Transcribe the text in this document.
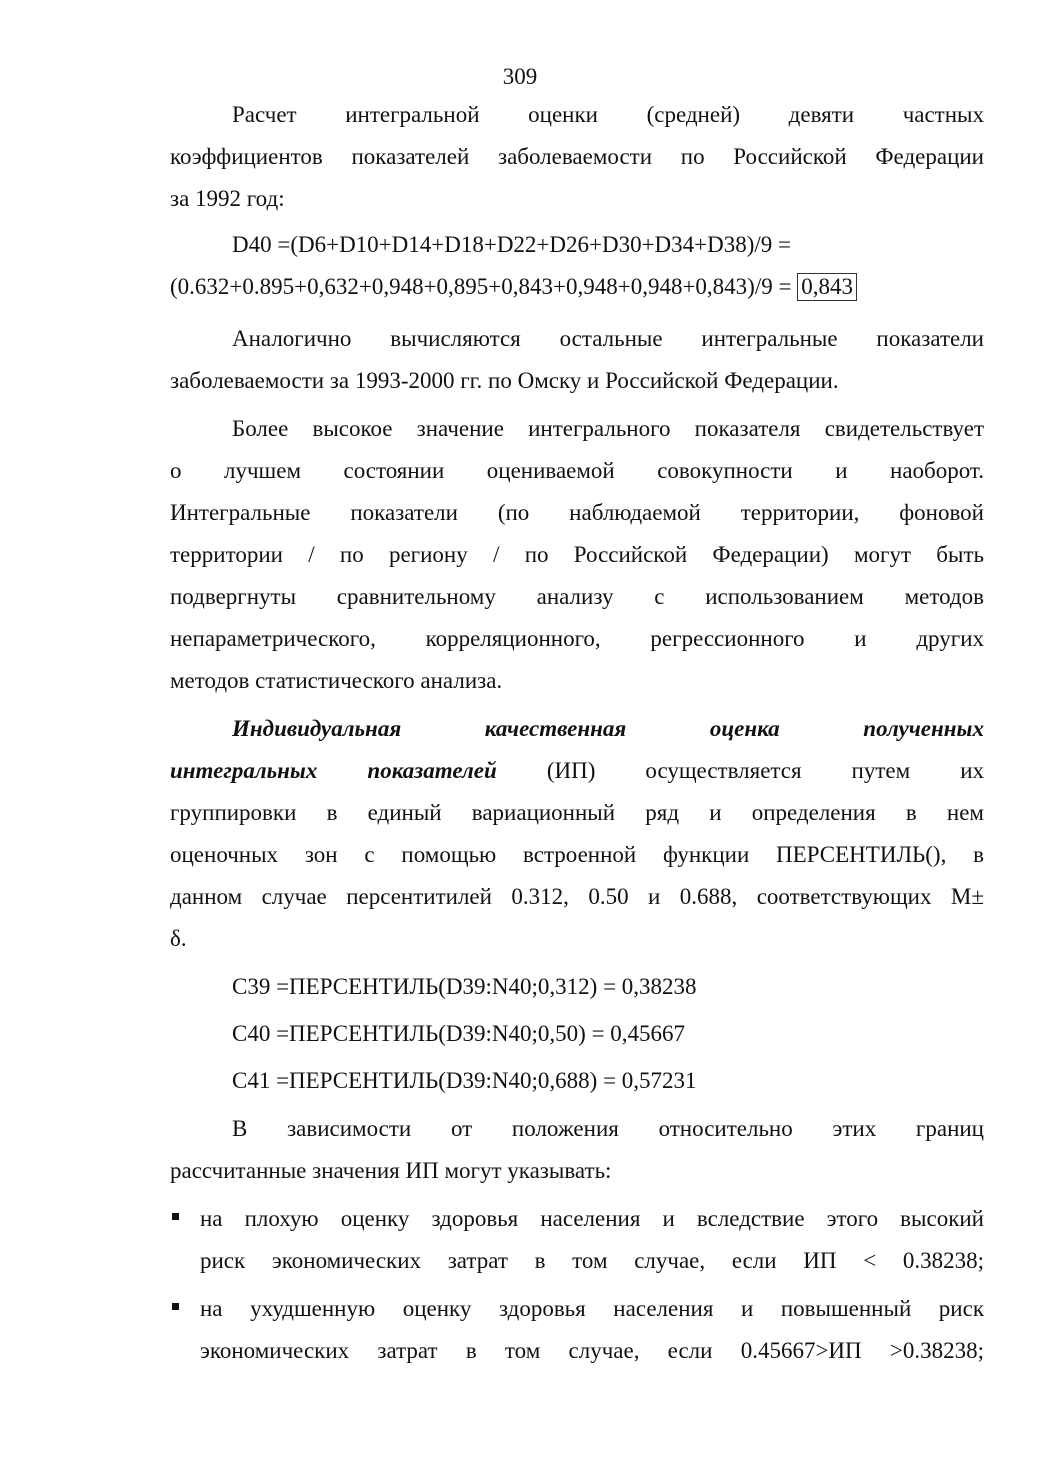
309
Расчет интегральной оценки (средней) девяти частных
коэффициентов показателей заболеваемости по Российской Федерации
за 1992 год:
D40 =(D6+D10+D14+D18+D22+D26+D30+D34+D38)/9 =
(0.632+0.895+0,632+0,948+0,895+0,843+0,948+0,948+0,843)/9 = 0,843
Аналогично вычисляются остальные интегральные показатели
заболеваемости за 1993-2000 гг. по Омску и Российской Федерации.
Более высокое значение интегрального показателя свидетельствует
о лучшем состоянии оцениваемой совокупности и наоборот.
Интегральные показатели (по наблюдаемой территории, фоновой
территории / по региону / по Российской Федерации) могут быть
подвергнуты сравнительному анализу с использованием методов
непараметрического, корреляционного, регрессионного и других
методов статистического анализа.
Индивидуальная качественная оценка полученных
интегральных показателей (ИП) осуществляется путем их
группировки в единый вариационный ряд и определения в нем
оценочных зон с помощью встроенной функции ПЕРСЕНТИЛЬ(), в
данном случае персентитилей 0.312, 0.50 и 0.688, соответствующих M±
δ.
C39 =ПЕРСЕНТИЛЬ(D39:N40;0,312) = 0,38238
C40 =ПЕРСЕНТИЛЬ(D39:N40;0,50) = 0,45667
C41 =ПЕРСЕНТИЛЬ(D39:N40;0,688) = 0,57231
В зависимости от положения относительно этих границ
рассчитанные значения ИП могут указывать:
на плохую оценку здоровья населения и вследствие этого высокий
риск экономических затрат в том случае, если ИП < 0.38238;
на ухудшенную оценку здоровья населения и повышенный риск
экономических затрат в том случае, если 0.45667>ИП >0.38238;
